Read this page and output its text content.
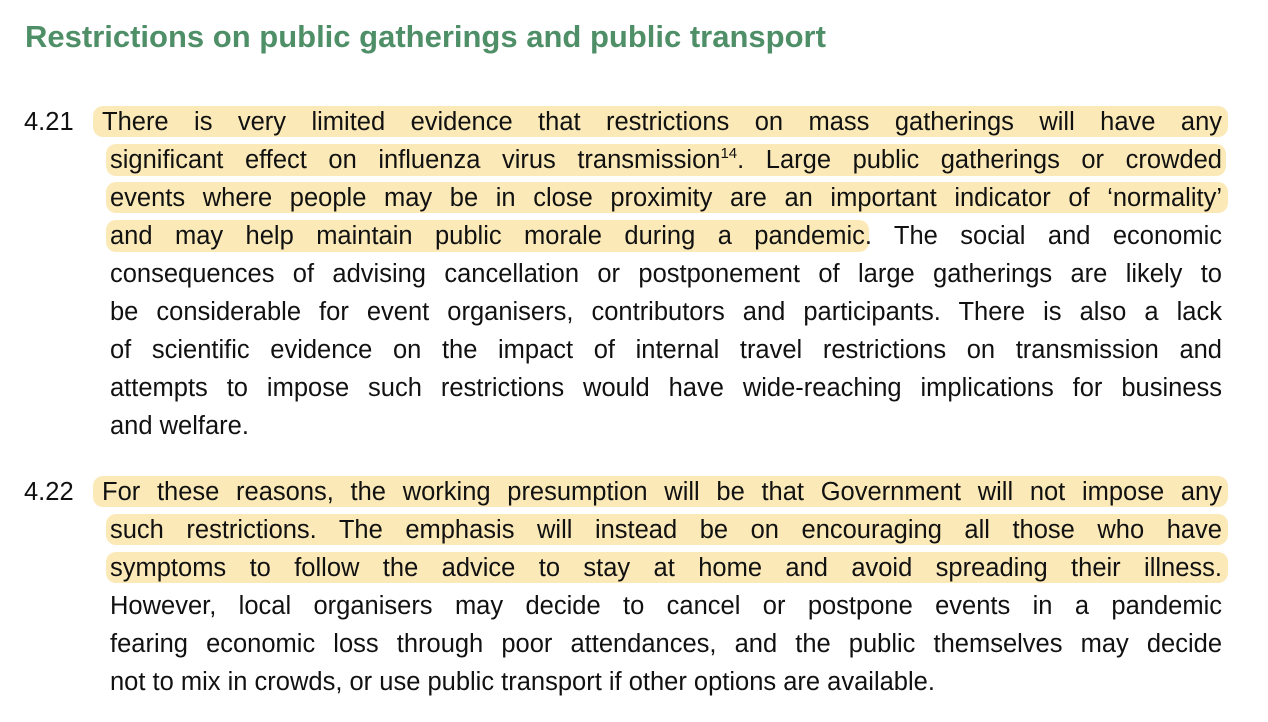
Restrictions on public gatherings and public transport
4.21 There is very limited evidence that restrictions on mass gatherings will have any
significant effect on influenza virus transmission$^{14}$. Large public gatherings or crowded
events where people may be in close proximity are an important indicator of ‘normality’
and may help maintain public morale during a pandemic. The social and economic
consequences of advising cancellation or postponement of large gatherings are likely to
be considerable for event organisers, contributors and participants. There is also a lack
of scientific evidence on the impact of internal travel restrictions on transmission and
attempts to impose such restrictions would have wide-reaching implications for business
and welfare.
4.22 For these reasons, the working presumption will be that Government will not impose any
such restrictions. The emphasis will instead be on encouraging all those who have
symptoms to follow the advice to stay at home and avoid spreading their illness.
However, local organisers may decide to cancel or postpone events in a pandemic
fearing economic loss through poor attendances, and the public themselves may decide
not to mix in crowds, or use public transport if other options are available.
